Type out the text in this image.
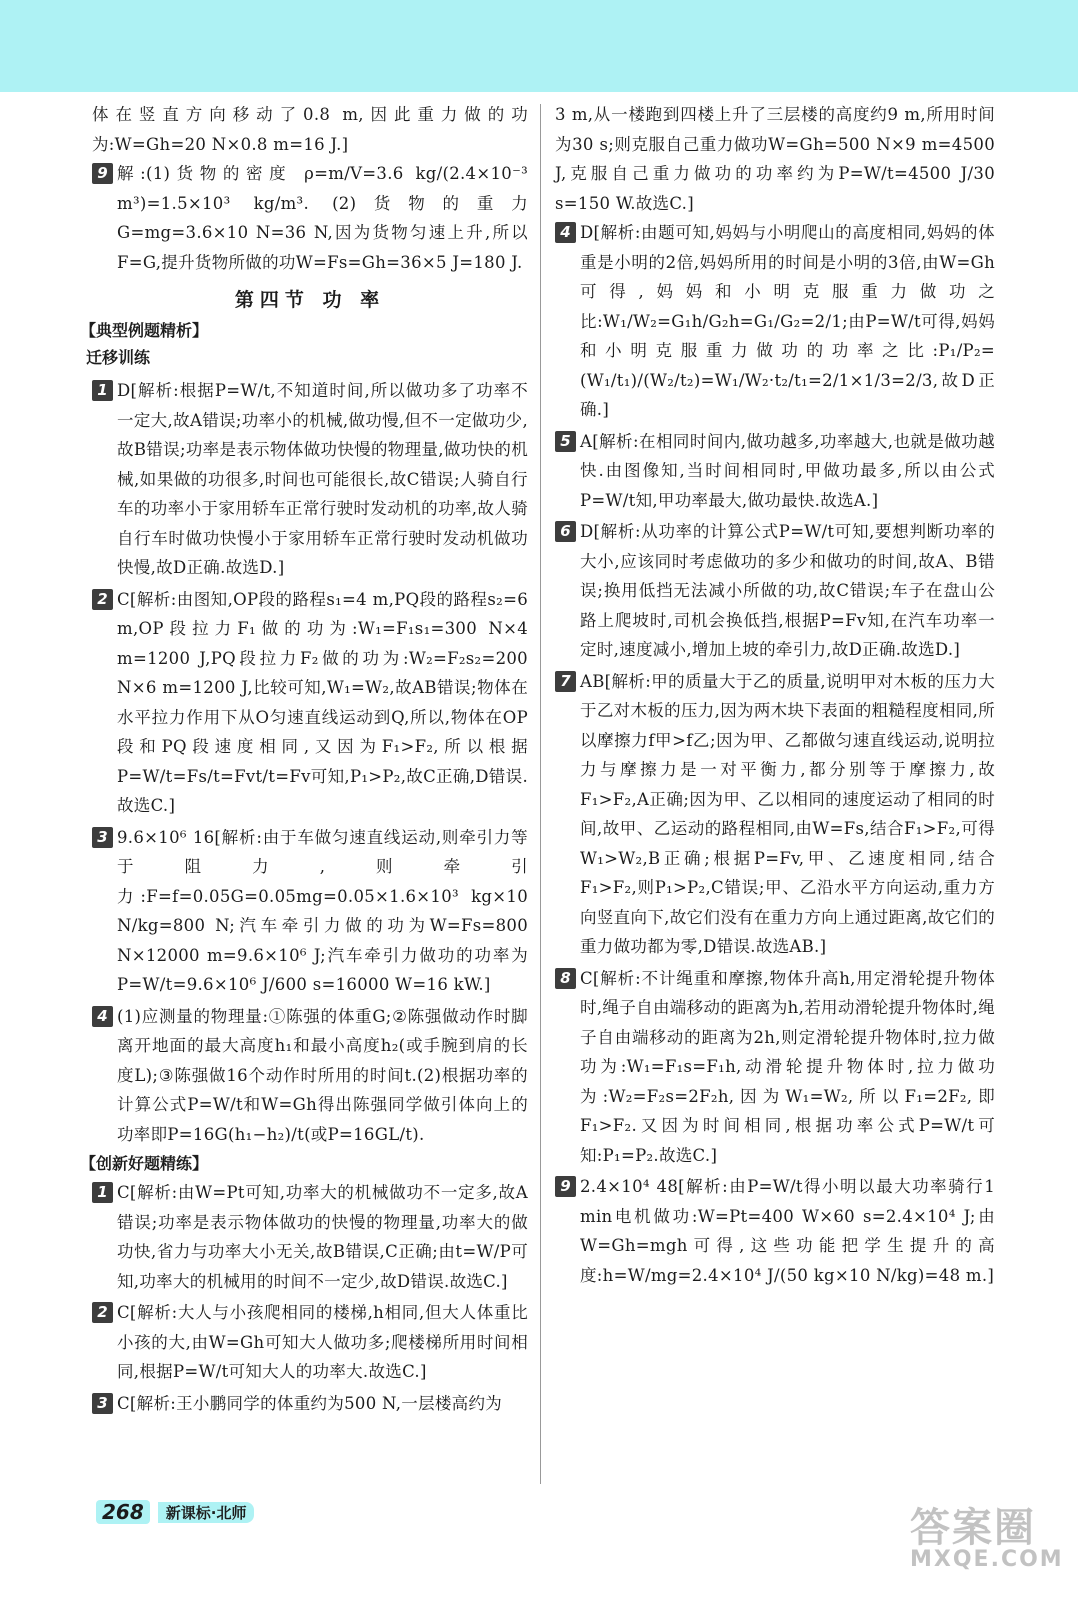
体在竖直方向移动了0.8 m,因此重力做的功为:W=Gh=20 N×0.8 m=16 J.]

9 解:(1)货物的密度 ρ=m/V=3.6 kg/(2.4×10⁻³ m³)=1.5×10³ kg/m³. (2)货物的重力G=mg=3.6×10 N=36 N,因为货物匀速上升,所以F=G,提升货物所做的功W=Fs=Gh=36×5 J=180 J.

第四节 功 率
【典型例题精析】
迁移训练
1 D[解析:根据P=W/t,不知道时间,所以做功多了功率不一定大,故A错误;功率小的机械,做功慢,但不一定做功少,故B错误;功率是表示物体做功快慢的物理量,做功快的机械,如果做的功很多,时间也可能很长,故C错误;人骑自行车的功率小于家用轿车正常行驶时发动机的功率,故人骑自行车时做功快慢小于家用轿车正常行驶时发动机做功快慢,故D正确.故选D.]

2 C[解析:由图知,OP段的路程s₁=4 m,PQ段的路程s₂=6 m,OP段拉力F₁做的功为:W₁=F₁s₁=300 N×4 m=1200 J,PQ段拉力F₂做的功为:W₂=F₂s₂=200 N×6 m=1200 J,比较可知,W₁=W₂,故AB错误;物体在水平拉力作用下从O匀速直线运动到Q,所以,物体在OP段和PQ段速度相同,又因为F₁>F₂,所以根据P=W/t=Fs/t=Fvt/t=Fv可知,P₁>P₂,故C正确,D错误.故选C.]

3 9.6×10⁶ 16[解析:由于车做匀速直线运动,则牵引力等于阻力,则牵引力:F=f=0.05G=0.05mg=0.05×1.6×10³ kg×10 N/kg=800 N;汽车牵引力做的功为W=Fs=800 N×12000 m=9.6×10⁶ J;汽车牵引力做功的功率为P=W/t=9.6×10⁶ J/600 s=16000 W=16 kW.]

4 (1)应测量的物理量:①陈强的体重G;②陈强做动作时脚离开地面的最大高度h₁和最小高度h₂(或手腕到肩的长度L);③陈强做16个动作时所用的时间t.(2)根据功率的计算公式P=W/t和W=Gh得出陈强同学做引体向上的功率即P=16G(h₁−h₂)/t(或P=16GL/t).

【创新好题精练】
1 C[解析:由W=Pt可知,功率大的机械做功不一定多,故A错误;功率是表示物体做功的快慢的物理量,功率大的做功快,省力与功率大小无关,故B错误,C正确;由t=W/P可知,功率大的机械用的时间不一定少,故D错误.故选C.]

2 C[解析:大人与小孩爬相同的楼梯,h相同,但大人体重比小孩的大,由W=Gh可知大人做功多;爬楼梯所用时间相同,根据P=W/t可知大人的功率大.故选C.]

3 C[解析:王小鹏同学的体重约为500 N,一层楼高约为

3 m,从一楼跑到四楼上升了三层楼的高度约9 m,所用时间为30 s;则克服自己重力做功W=Gh=500 N×9 m=4500 J,克服自己重力做功的功率约为P=W/t=4500 J/30 s=150 W.故选C.]

4 D[解析:由题可知,妈妈与小明爬山的高度相同,妈妈的体重是小明的2倍,妈妈所用的时间是小明的3倍,由W=Gh可得,妈妈和小明克服重力做功之比:W₁/W₂=G₁h/G₂h=G₁/G₂=2/1;由P=W/t可得,妈妈和小明克服重力做功的功率之比:P₁/P₂=(W₁/t₁)/(W₂/t₂)=W₁/W₂·t₂/t₁=2/1×1/3=2/3,故D正确.]

5 A[解析:在相同时间内,做功越多,功率越大,也就是做功越快.由图像知,当时间相同时,甲做功最多,所以由公式P=W/t知,甲功率最大,做功最快.故选A.]

6 D[解析:从功率的计算公式P=W/t可知,要想判断功率的大小,应该同时考虑做功的多少和做功的时间,故A、B错误;换用低挡无法减小所做的功,故C错误;车子在盘山公路上爬坡时,司机会换低挡,根据P=Fv知,在汽车功率一定时,速度减小,增加上坡的牵引力,故D正确.故选D.]

7 AB[解析:甲的质量大于乙的质量,说明甲对木板的压力大于乙对木板的压力,因为两木块下表面的粗糙程度相同,所以摩擦力f甲>f乙;因为甲、乙都做匀速直线运动,说明拉力与摩擦力是一对平衡力,都分别等于摩擦力,故F₁>F₂,A正确;因为甲、乙以相同的速度运动了相同的时间,故甲、乙运动的路程相同,由W=Fs,结合F₁>F₂,可得W₁>W₂,B正确;根据P=Fv,甲、乙速度相同,结合F₁>F₂,则P₁>P₂,C错误;甲、乙沿水平方向运动,重力方向竖直向下,故它们没有在重力方向上通过距离,故它们的重力做功都为零,D错误.故选AB.]

8 C[解析:不计绳重和摩擦,物体升高h,用定滑轮提升物体时,绳子自由端移动的距离为h,若用动滑轮提升物体时,绳子自由端移动的距离为2h,则定滑轮提升物体时,拉力做功为:W₁=F₁s=F₁h,动滑轮提升物体时,拉力做功为:W₂=F₂s=2F₂h,因为W₁=W₂,所以F₁=2F₂,即F₁>F₂.又因为时间相同,根据功率公式P=W/t可知:P₁=P₂.故选C.]

9 2.4×10⁴ 48[解析:由P=W/t得小明以最大功率骑行1 min电机做功:W=Pt=400 W×60 s=2.4×10⁴ J;由W=Gh=mgh可得,这些功能把学生提升的高度:h=W/mg=2.4×10⁴ J/(50 kg×10 N/kg)=48 m.]

268	新课标·北师	答案圈
MXQE.COM
